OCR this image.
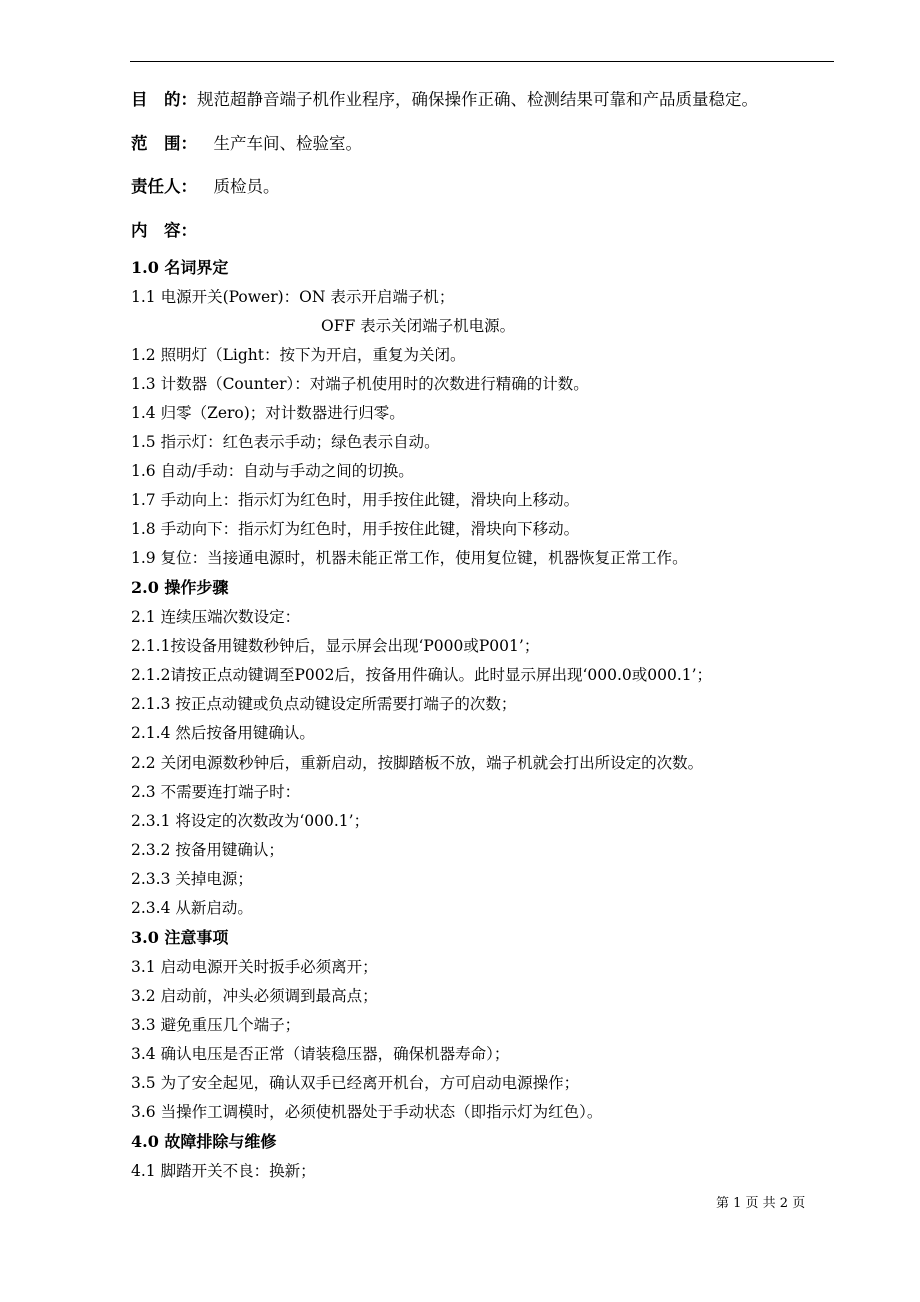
目　的：规范超静音端子机作业程序，确保操作正确、检测结果可靠和产品质量稳定。
范　围：　生产车间、检验室。
责任人：　质检员。
内　容：
1.0 名词界定
1.1 电源开关(Power)：ON 表示开启端子机；
OFF 表示关闭端子机电源。
1.2 照明灯（Light：按下为开启，重复为关闭。
1.3 计数器（Counter）：对端子机使用时的次数进行精确的计数。
1.4 归零（Zero)；对计数器进行归零。
1.5 指示灯：红色表示手动；绿色表示自动。
1.6 自动/手动：自动与手动之间的切换。
1.7 手动向上：指示灯为红色时，用手按住此键，滑块向上移动。
1.8 手动向下：指示灯为红色时，用手按住此键，滑块向下移动。
1.9 复位：当接通电源时，机器未能正常工作，使用复位键，机器恢复正常工作。
2.0 操作步骤
2.1 连续压端次数设定：
2.1.1按设备用键数秒钟后，显示屏会出现‘P000或P001’；
2.1.2请按正点动键调至P002后，按备用件确认。此时显示屏出现‘000.0或000.1’；
2.1.3 按正点动键或负点动键设定所需要打端子的次数；
2.1.4 然后按备用键确认。
2.2 关闭电源数秒钟后，重新启动，按脚踏板不放，端子机就会打出所设定的次数。
2.3 不需要连打端子时：
2.3.1 将设定的次数改为‘000.1’；
2.3.2 按备用键确认；
2.3.3 关掉电源；
2.3.4 从新启动。
3.0 注意事项
3.1 启动电源开关时扳手必须离开；
3.2 启动前，冲头必须调到最高点；
3.3 避免重压几个端子；
3.4 确认电压是否正常（请装稳压器，确保机器寿命）；
3.5 为了安全起见，确认双手已经离开机台，方可启动电源操作；
3.6 当操作工调模时，必须使机器处于手动状态（即指示灯为红色）。
4.0 故障排除与维修
4.1 脚踏开关不良：换新；
第 1 页 共 2 页
